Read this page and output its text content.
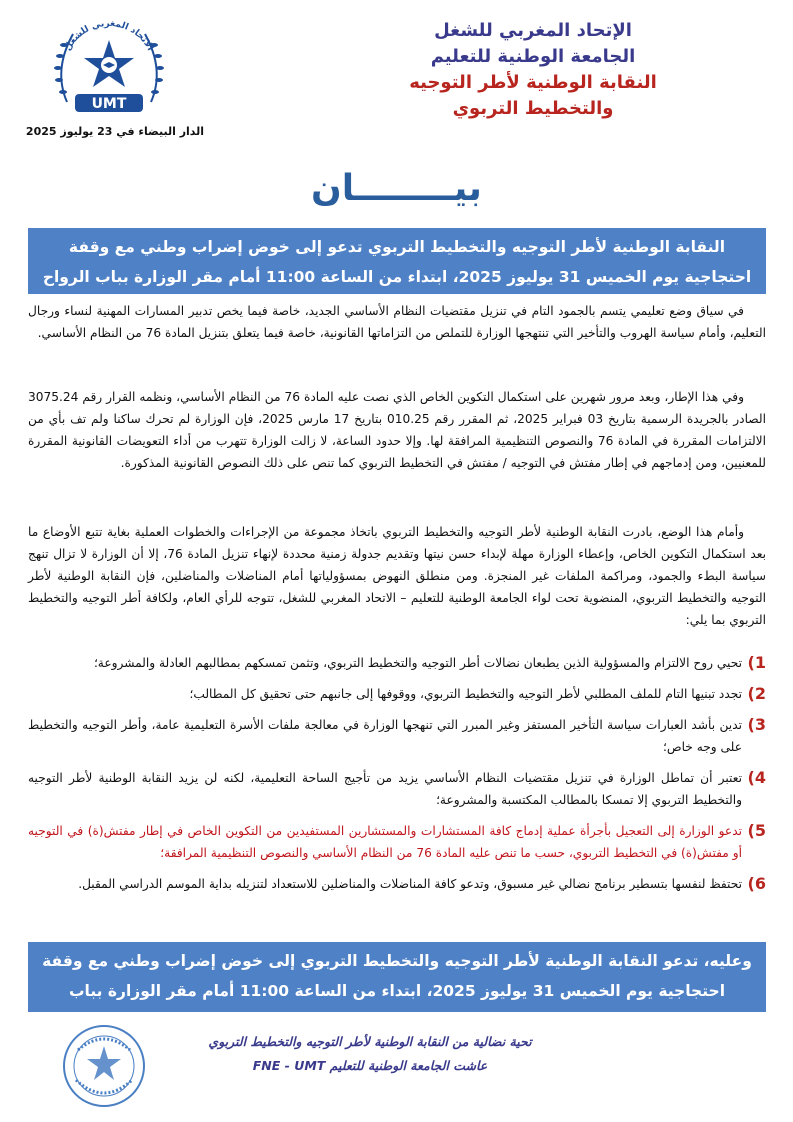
الإتحاد المغربي للشغل
الجامعة الوطنية للتعليم
النقابة الوطنية لأطر التوجيه
والتخطيط التربوي
الاتحاد المغربي للشغل
UMT
الدار البيضاء في 23 يوليوز 2025
بيــــــــان
النقابة الوطنية لأطر التوجيه والتخطيط التربوي تدعو إلى خوض إضراب وطني مع وقفة
احتجاجية يوم الخميس 31 يوليوز 2025، ابتداء من الساعة 11:00 أمام مقر الوزارة بباب الرواح
في سياق وضع تعليمي يتسم بالجمود التام في تنزيل مقتضيات النظام الأساسي الجديد، خاصة فيما يخص تدبير المسارات المهنية لنساء ورجال التعليم، وأمام سياسة الهروب والتأخير التي تنتهجها الوزارة للتملص من التزاماتها القانونية، خاصة فيما يتعلق بتنزيل المادة 76 من النظام الأساسي.
وفي هذا الإطار، وبعد مرور شهرين على استكمال التكوين الخاص الذي نصت عليه المادة 76 من النظام الأساسي، ونظمه القرار رقم 3075.24 الصادر بالجريدة الرسمية بتاريخ 03 فبراير 2025، ثم المقرر رقم 010.25 بتاريخ 17 مارس 2025، فإن الوزارة لم تحرك ساكنا ولم تف بأي من الالتزامات المقررة في المادة 76 والنصوص التنظيمية المرافقة لها. وإلا حدود الساعة، لا زالت الوزارة تتهرب من أداء التعويضات القانونية المقررة للمعنيين، ومن إدماجهم في إطار مفتش في التوجيه / مفتش في التخطيط التربوي كما تنص على ذلك النصوص القانونية المذكورة.
وأمام هذا الوضع، بادرت النقابة الوطنية لأطر التوجيه والتخطيط التربوي باتخاذ مجموعة من الإجراءات والخطوات العملية بغاية تتبع الأوضاع ما بعد استكمال التكوين الخاص، وإعطاء الوزارة مهلة لإبداء حسن نيتها وتقديم جدولة زمنية محددة لإنهاء تنزيل المادة 76، إلا أن الوزارة لا تزال تنهج سياسة البطء والجمود، ومراكمة الملفات غير المنجزة. ومن منطلق النهوض بمسؤولياتها أمام المناضلات والمناضلين، فإن النقابة الوطنية لأطر التوجيه والتخطيط التربوي، المنضوية تحت لواء الجامعة الوطنية للتعليم – الاتحاد المغربي للشغل، تتوجه للرأي العام، ولكافة أطر التوجيه والتخطيط التربوي بما يلي:
1)
تحيي روح الالتزام والمسؤولية الذين يطبعان نضالات أطر التوجيه والتخطيط التربوي، وتثمن تمسكهم بمطالبهم العادلة والمشروعة؛
2)
تجدد تبنيها التام للملف المطلبي لأطر التوجيه والتخطيط التربوي، ووقوفها إلى جانبهم حتى تحقيق كل المطالب؛
3)
تدين بأشد العبارات سياسة التأخير المستفز وغير المبرر التي تنهجها الوزارة في معالجة ملفات الأسرة التعليمية عامة، وأطر التوجيه والتخطيط على وجه خاص؛
4)
تعتبر أن تماطل الوزارة في تنزيل مقتضيات النظام الأساسي يزيد من تأجيج الساحة التعليمية، لكنه لن يزيد النقابة الوطنية لأطر التوجيه والتخطيط التربوي إلا تمسكا بالمطالب المكتسبة والمشروعة؛
5)
تدعو الوزارة إلى التعجيل بأجرأة عملية إدماج كافة المستشارات والمستشارين المستفيدين من التكوين الخاص في إطار مفتش(ة) في التوجيه أو مفتش(ة) في التخطيط التربوي، حسب ما تنص عليه المادة 76 من النظام الأساسي والنصوص التنظيمية المرافقة؛
6)
تحتفظ لنفسها بتسطير برنامج نضالي غير مسبوق، وتدعو كافة المناضلات والمناضلين للاستعداد لتنزيله بداية الموسم الدراسي المقبل.
وعليه، تدعو النقابة الوطنية لأطر التوجيه والتخطيط التربوي إلى خوض إضراب وطني مع وقفة
احتجاجية يوم الخميس 31 يوليوز 2025، ابتداء من الساعة 11:00 أمام مقر الوزارة بباب الرواح.
تحية نضالية من النقابة الوطنية لأطر التوجيه والتخطيط التربوي
عاشت الجامعة الوطنية للتعليم FNE - UMT
